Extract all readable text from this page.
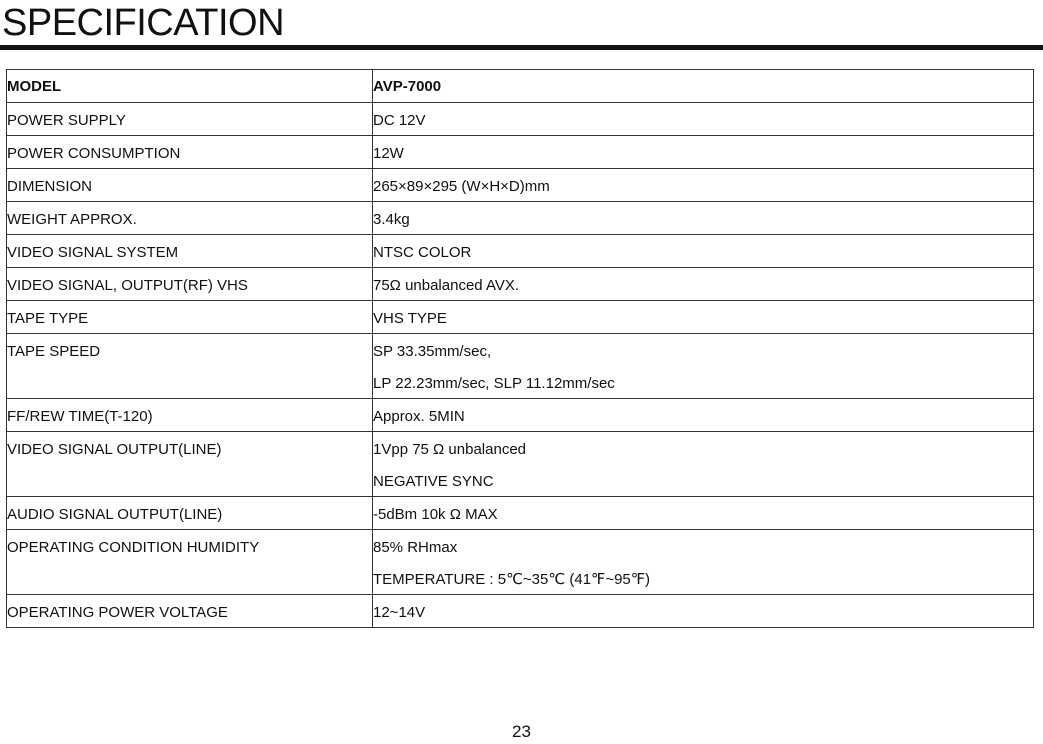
SPECIFICATION
MODEL	AVP-7000

POWER SUPPLY	DC 12V

POWER CONSUMPTION	12W

DIMENSION	265×89×295 (W×H×D)mm

WEIGHT APPROX.	3.4kg

VIDEO SIGNAL SYSTEM	NTSC COLOR

VIDEO SIGNAL, OUTPUT(RF) VHS	75Ω unbalanced AVX.

TAPE TYPE	VHS TYPE

TAPE SPEED	SP 33.35mm/sec,
LP 22.23mm/sec, SLP 11.12mm/sec

FF/REW TIME(T-120)	Approx. 5MIN

VIDEO SIGNAL OUTPUT(LINE)	1Vpp 75 Ω unbalanced
NEGATIVE SYNC

AUDIO SIGNAL OUTPUT(LINE)	-5dBm 10k Ω MAX

OPERATING CONDITION HUMIDITY	85% RHmax
TEMPERATURE : 5℃~35℃ (41℉~95℉)

OPERATING POWER VOLTAGE	12~14V
23
